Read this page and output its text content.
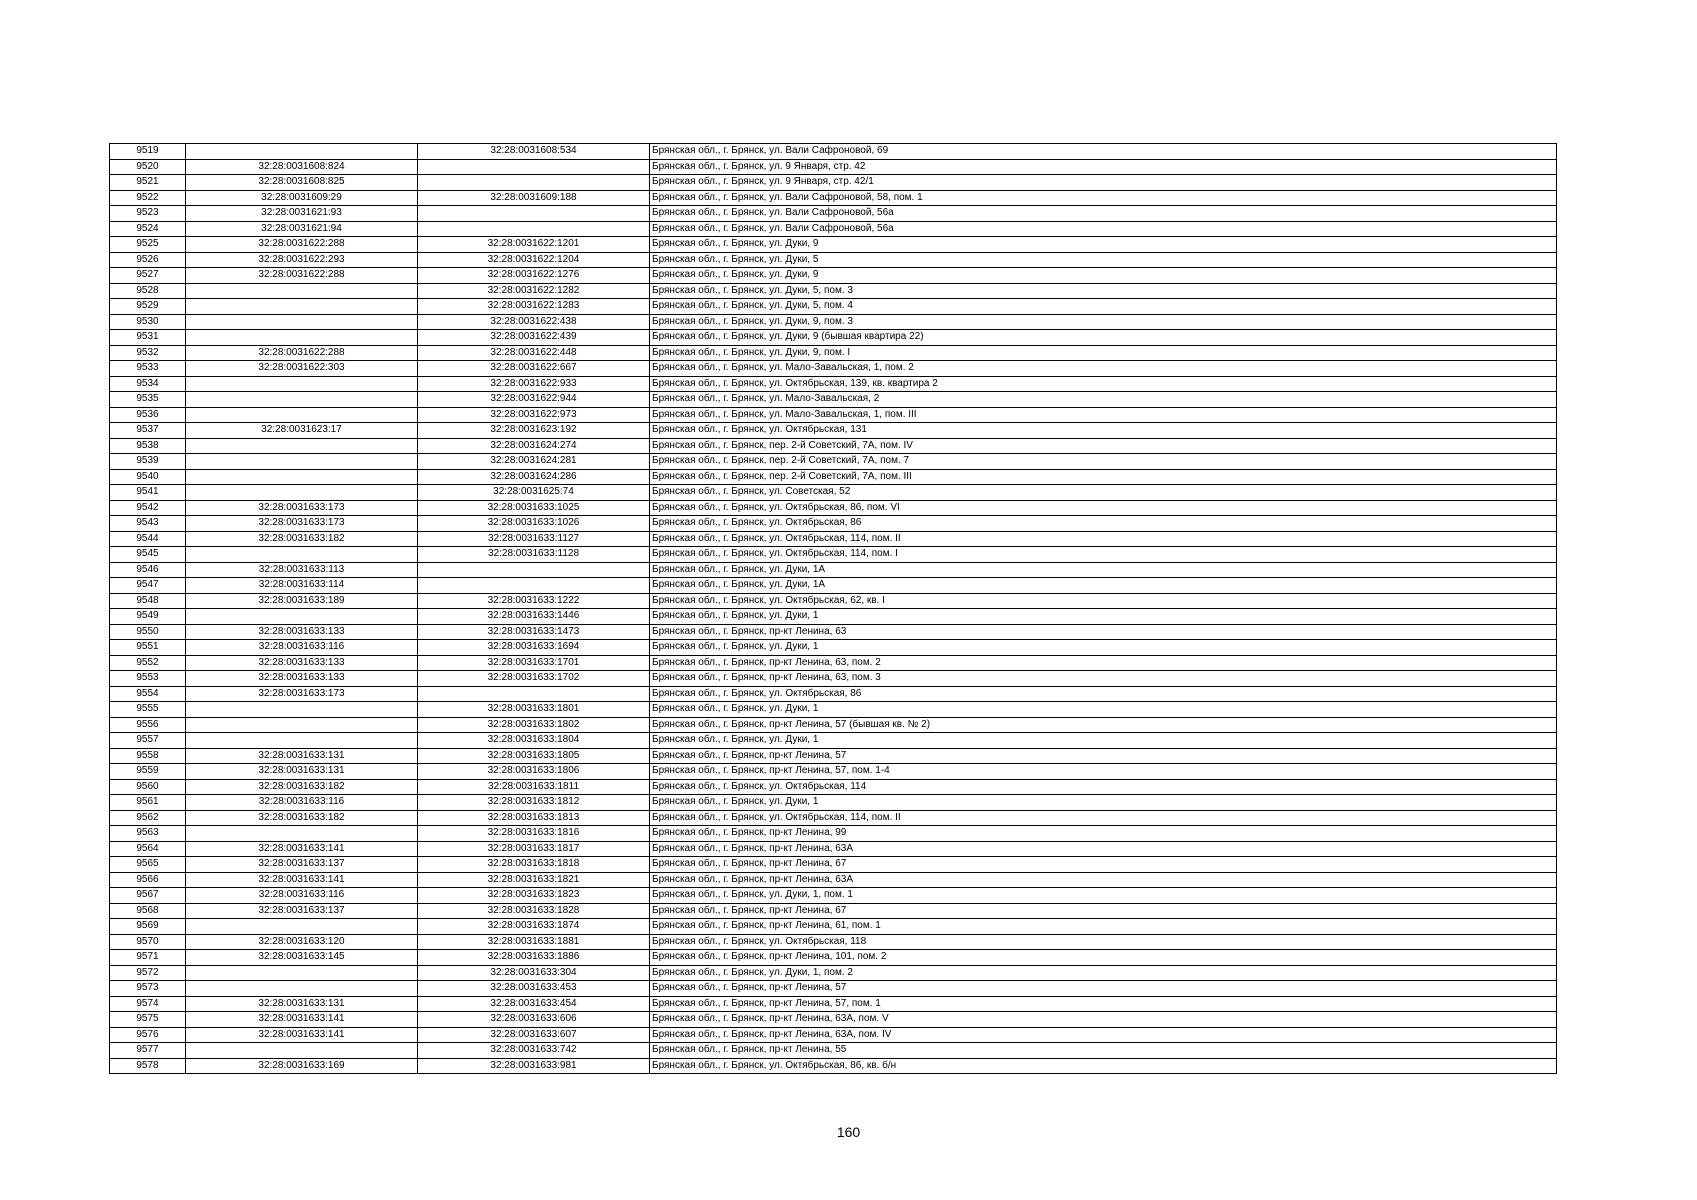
9519		32:28:0031608:534	Брянская обл., г. Брянск, ул. Вали Сафроновой, 69
9520	32:28:0031608:824		Брянская обл., г. Брянск, ул. 9 Января, стр. 42
9521	32:28:0031608:825		Брянская обл., г. Брянск, ул. 9 Января, стр. 42/1
9522	32:28:0031609:29	32:28:0031609:188	Брянская обл., г. Брянск, ул. Вали Сафроновой, 58, пом. 1
9523	32:28:0031621:93		Брянская обл., г. Брянск, ул. Вали Сафроновой, 56а
9524	32:28:0031621:94		Брянская обл., г. Брянск, ул. Вали Сафроновой, 56а
9525	32:28:0031622:288	32:28:0031622:1201	Брянская обл., г. Брянск, ул. Дуки, 9
9526	32:28:0031622:293	32:28:0031622:1204	Брянская обл., г. Брянск, ул. Дуки, 5
9527	32:28:0031622:288	32:28:0031622:1276	Брянская обл., г. Брянск, ул. Дуки, 9
9528		32:28:0031622:1282	Брянская обл., г. Брянск, ул. Дуки, 5, пом. 3
9529		32:28:0031622:1283	Брянская обл., г. Брянск, ул. Дуки, 5, пом. 4
9530		32:28:0031622:438	Брянская обл., г. Брянск, ул. Дуки, 9, пом. 3
9531		32:28:0031622:439	Брянская обл., г. Брянск, ул. Дуки, 9 (бывшая квартира 22)
9532	32:28:0031622:288	32:28:0031622:448	Брянская обл., г. Брянск, ул. Дуки, 9, пом. I
9533	32:28:0031622:303	32:28:0031622:667	Брянская обл., г. Брянск, ул. Мало-Завальская, 1, пом. 2
9534		32:28:0031622:933	Брянская обл., г. Брянск, ул. Октябрьская, 139, кв. квартира 2
9535		32:28:0031622:944	Брянская обл., г. Брянск, ул. Мало-Завальская, 2
9536		32:28:0031622:973	Брянская обл., г. Брянск, ул. Мало-Завальская, 1, пом. III
9537	32:28:0031623:17	32:28:0031623:192	Брянская обл., г. Брянск, ул. Октябрьская, 131
9538		32:28:0031624:274	Брянская обл., г. Брянск, пер. 2-й Советский, 7А, пом. IV
9539		32:28:0031624:281	Брянская обл., г. Брянск, пер. 2-й Советский, 7А, пом. 7
9540		32:28:0031624:286	Брянская обл., г. Брянск, пер. 2-й Советский, 7А, пом. III
9541		32:28:0031625:74	Брянская обл., г. Брянск, ул. Советская, 52
9542	32:28:0031633:173	32:28:0031633:1025	Брянская обл., г. Брянск, ул. Октябрьская, 86, пом. VI
9543	32:28:0031633:173	32:28:0031633:1026	Брянская обл., г. Брянск, ул. Октябрьская, 86
9544	32:28:0031633:182	32:28:0031633:1127	Брянская обл., г. Брянск, ул. Октябрьская, 114, пом. II
9545		32:28:0031633:1128	Брянская обл., г. Брянск, ул. Октябрьская, 114, пом. I
9546	32:28:0031633:113		Брянская обл., г. Брянск, ул. Дуки, 1А
9547	32:28:0031633:114		Брянская обл., г. Брянск, ул. Дуки, 1А
9548	32:28:0031633:189	32:28:0031633:1222	Брянская обл., г. Брянск, ул. Октябрьская, 62, кв. I
9549		32:28:0031633:1446	Брянская обл., г. Брянск, ул. Дуки, 1
9550	32:28:0031633:133	32:28:0031633:1473	Брянская обл., г. Брянск, пр-кт Ленина, 63
9551	32:28:0031633:116	32:28:0031633:1694	Брянская обл., г. Брянск, ул. Дуки, 1
9552	32:28:0031633:133	32:28:0031633:1701	Брянская обл., г. Брянск, пр-кт Ленина, 63, пом. 2
9553	32:28:0031633:133	32:28:0031633:1702	Брянская обл., г. Брянск, пр-кт Ленина, 63, пом. 3
9554	32:28:0031633:173		Брянская обл., г. Брянск, ул. Октябрьская, 86
9555		32:28:0031633:1801	Брянская обл., г. Брянск, ул. Дуки, 1
9556		32:28:0031633:1802	Брянская обл., г. Брянск, пр-кт Ленина, 57 (бывшая кв. № 2)
9557		32:28:0031633:1804	Брянская обл., г. Брянск, ул. Дуки, 1
9558	32:28:0031633:131	32:28:0031633:1805	Брянская обл., г. Брянск, пр-кт Ленина, 57
9559	32:28:0031633:131	32:28:0031633:1806	Брянская обл., г. Брянск, пр-кт Ленина, 57, пом. 1-4
9560	32:28:0031633:182	32:28:0031633:1811	Брянская обл., г. Брянск, ул. Октябрьская, 114
9561	32:28:0031633:116	32:28:0031633:1812	Брянская обл., г. Брянск, ул. Дуки, 1
9562	32:28:0031633:182	32:28:0031633:1813	Брянская обл., г. Брянск, ул. Октябрьская, 114, пом. II
9563		32:28:0031633:1816	Брянская обл., г. Брянск, пр-кт Ленина, 99
9564	32:28:0031633:141	32:28:0031633:1817	Брянская обл., г. Брянск, пр-кт Ленина, 63А
9565	32:28:0031633:137	32:28:0031633:1818	Брянская обл., г. Брянск, пр-кт Ленина, 67
9566	32:28:0031633:141	32:28:0031633:1821	Брянская обл., г. Брянск, пр-кт Ленина, 63А
9567	32:28:0031633:116	32:28:0031633:1823	Брянская обл., г. Брянск, ул. Дуки, 1, пом. 1
9568	32:28:0031633:137	32:28:0031633:1828	Брянская обл., г. Брянск, пр-кт Ленина, 67
9569		32:28:0031633:1874	Брянская обл., г. Брянск, пр-кт Ленина, 61, пом. 1
9570	32:28:0031633:120	32:28:0031633:1881	Брянская обл., г. Брянск, ул. Октябрьская, 118
9571	32:28:0031633:145	32:28:0031633:1886	Брянская обл., г. Брянск, пр-кт Ленина, 101, пом. 2
9572		32:28:0031633:304	Брянская обл., г. Брянск, ул. Дуки, 1, пом. 2
9573		32:28:0031633:453	Брянская обл., г. Брянск, пр-кт Ленина, 57
9574	32:28:0031633:131	32:28:0031633:454	Брянская обл., г. Брянск, пр-кт Ленина, 57, пом. 1
9575	32:28:0031633:141	32:28:0031633:606	Брянская обл., г. Брянск, пр-кт Ленина, 63А, пом. V
9576	32:28:0031633:141	32:28:0031633:607	Брянская обл., г. Брянск, пр-кт Ленина, 63А, пом. IV
9577		32:28:0031633:742	Брянская обл., г. Брянск, пр-кт Ленина, 55
9578	32:28:0031633:169	32:28:0031633:981	Брянская обл., г. Брянск, ул. Октябрьская, 86, кв. б/н
160
